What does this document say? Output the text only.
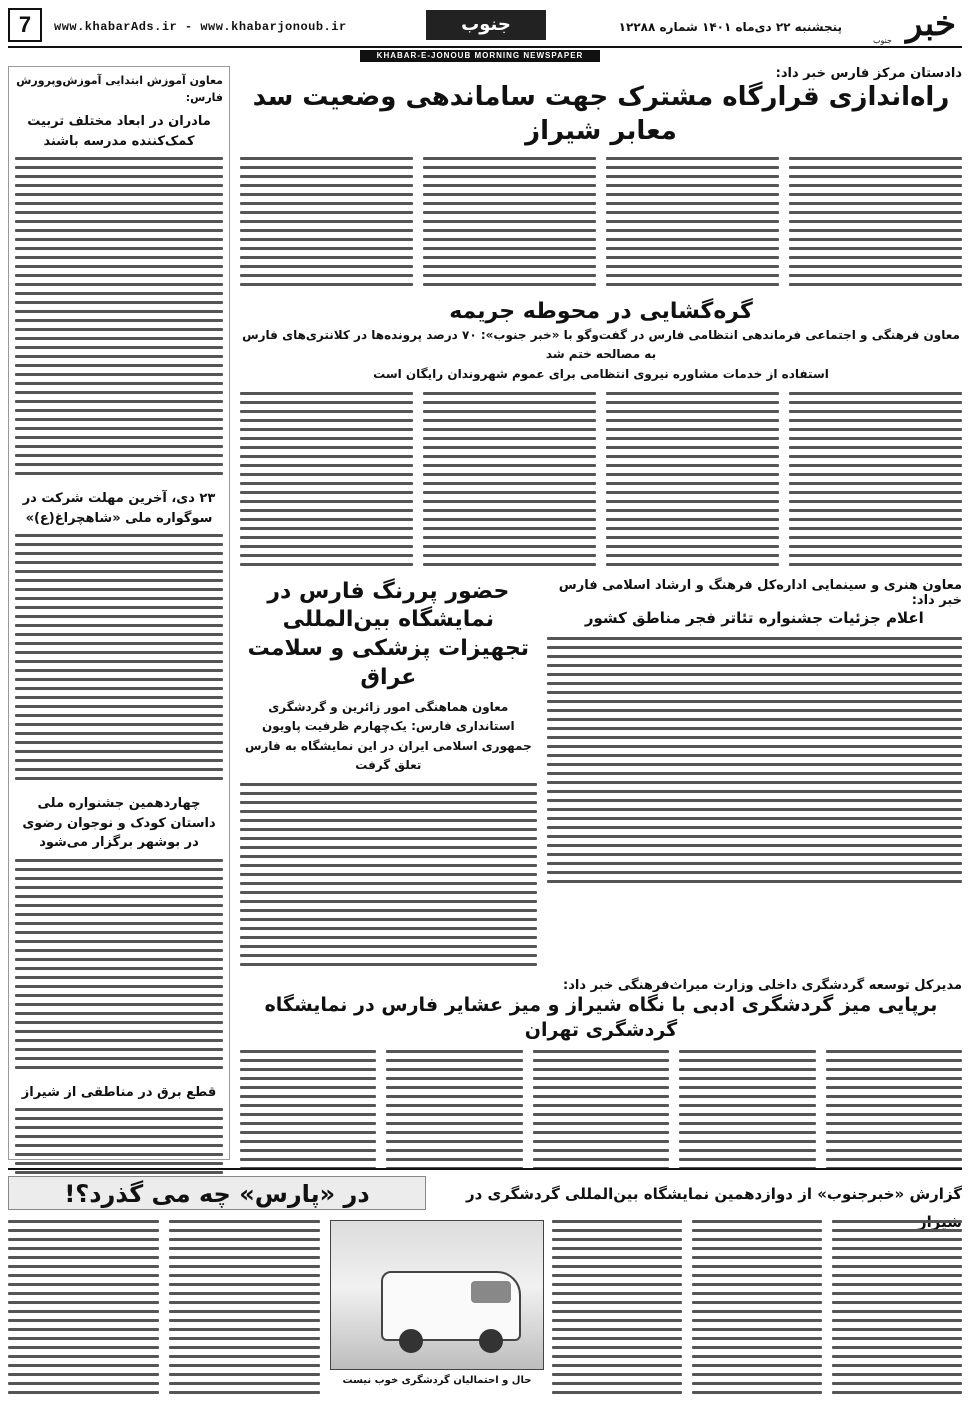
7	www.khabarAds.ir - www.khabarjonoub.ir	جنوب	پنجشنبه ۲۲ دی‌ماه ۱۴۰۱ شماره ۱۲۲۸۸ خبر
جنوب
KHABAR-E-JONOUB MORNING NEWSPAPER
معاون آموزش ابتدایی آموزش‌وپرورش فارس:
مادران در ابعاد مختلف تربیت کمک‌کننده مدرسه باشند
۲۳ دی، آخرین مهلت شرکت در سوگواره ملی «شاهچراغ(ع)»
چهاردهمین جشنواره ملی داستان کودک و نوجوان رضوی در بوشهر برگزار می‌شود
قطع برق در مناطقی از شیراز
دادستان مرکز فارس خبر داد:
راه‌اندازی قرارگاه مشترک جهت ساماندهی وضعیت سد معابر شیراز
گره‌گشایی در محوطه جریمه
معاون فرهنگی و اجتماعی فرماندهی انتظامی فارس در گفت‌وگو با «خبر جنوب»: ۷۰ درصد پرونده‌ها در کلانتری‌های فارس به مصالحه ختم شد
استفاده از خدمات مشاوره نیروی انتظامی برای عموم شهروندان رایگان است
معاون هنری و سینمایی اداره‌کل فرهنگ و ارشاد اسلامی فارس خبر داد:
اعلام جزئیات جشنواره تئاتر فجر مناطق کشور
حضور پررنگ فارس در نمایشگاه بین‌المللی تجهیزات پزشکی و سلامت عراق
معاون هماهنگی امور زائرین و گردشگری استانداری فارس: یک‌چهارم ظرفیت پاویون جمهوری اسلامی ایران در این نمایشگاه به فارس تعلق گرفت
مدیرکل توسعه گردشگری داخلی وزارت میراث‌فرهنگی خبر داد:
برپایی میز گردشگری ادبی با نگاه شیراز و میز عشایر فارس در نمایشگاه گردشگری تهران
در «پارس» چه می گذرد؟!	گزارش «خبرجنوب» از دوازدهمین نمایشگاه بین‌المللی گردشگری در
حال و احتمالیان گردشگری خوب نیست
